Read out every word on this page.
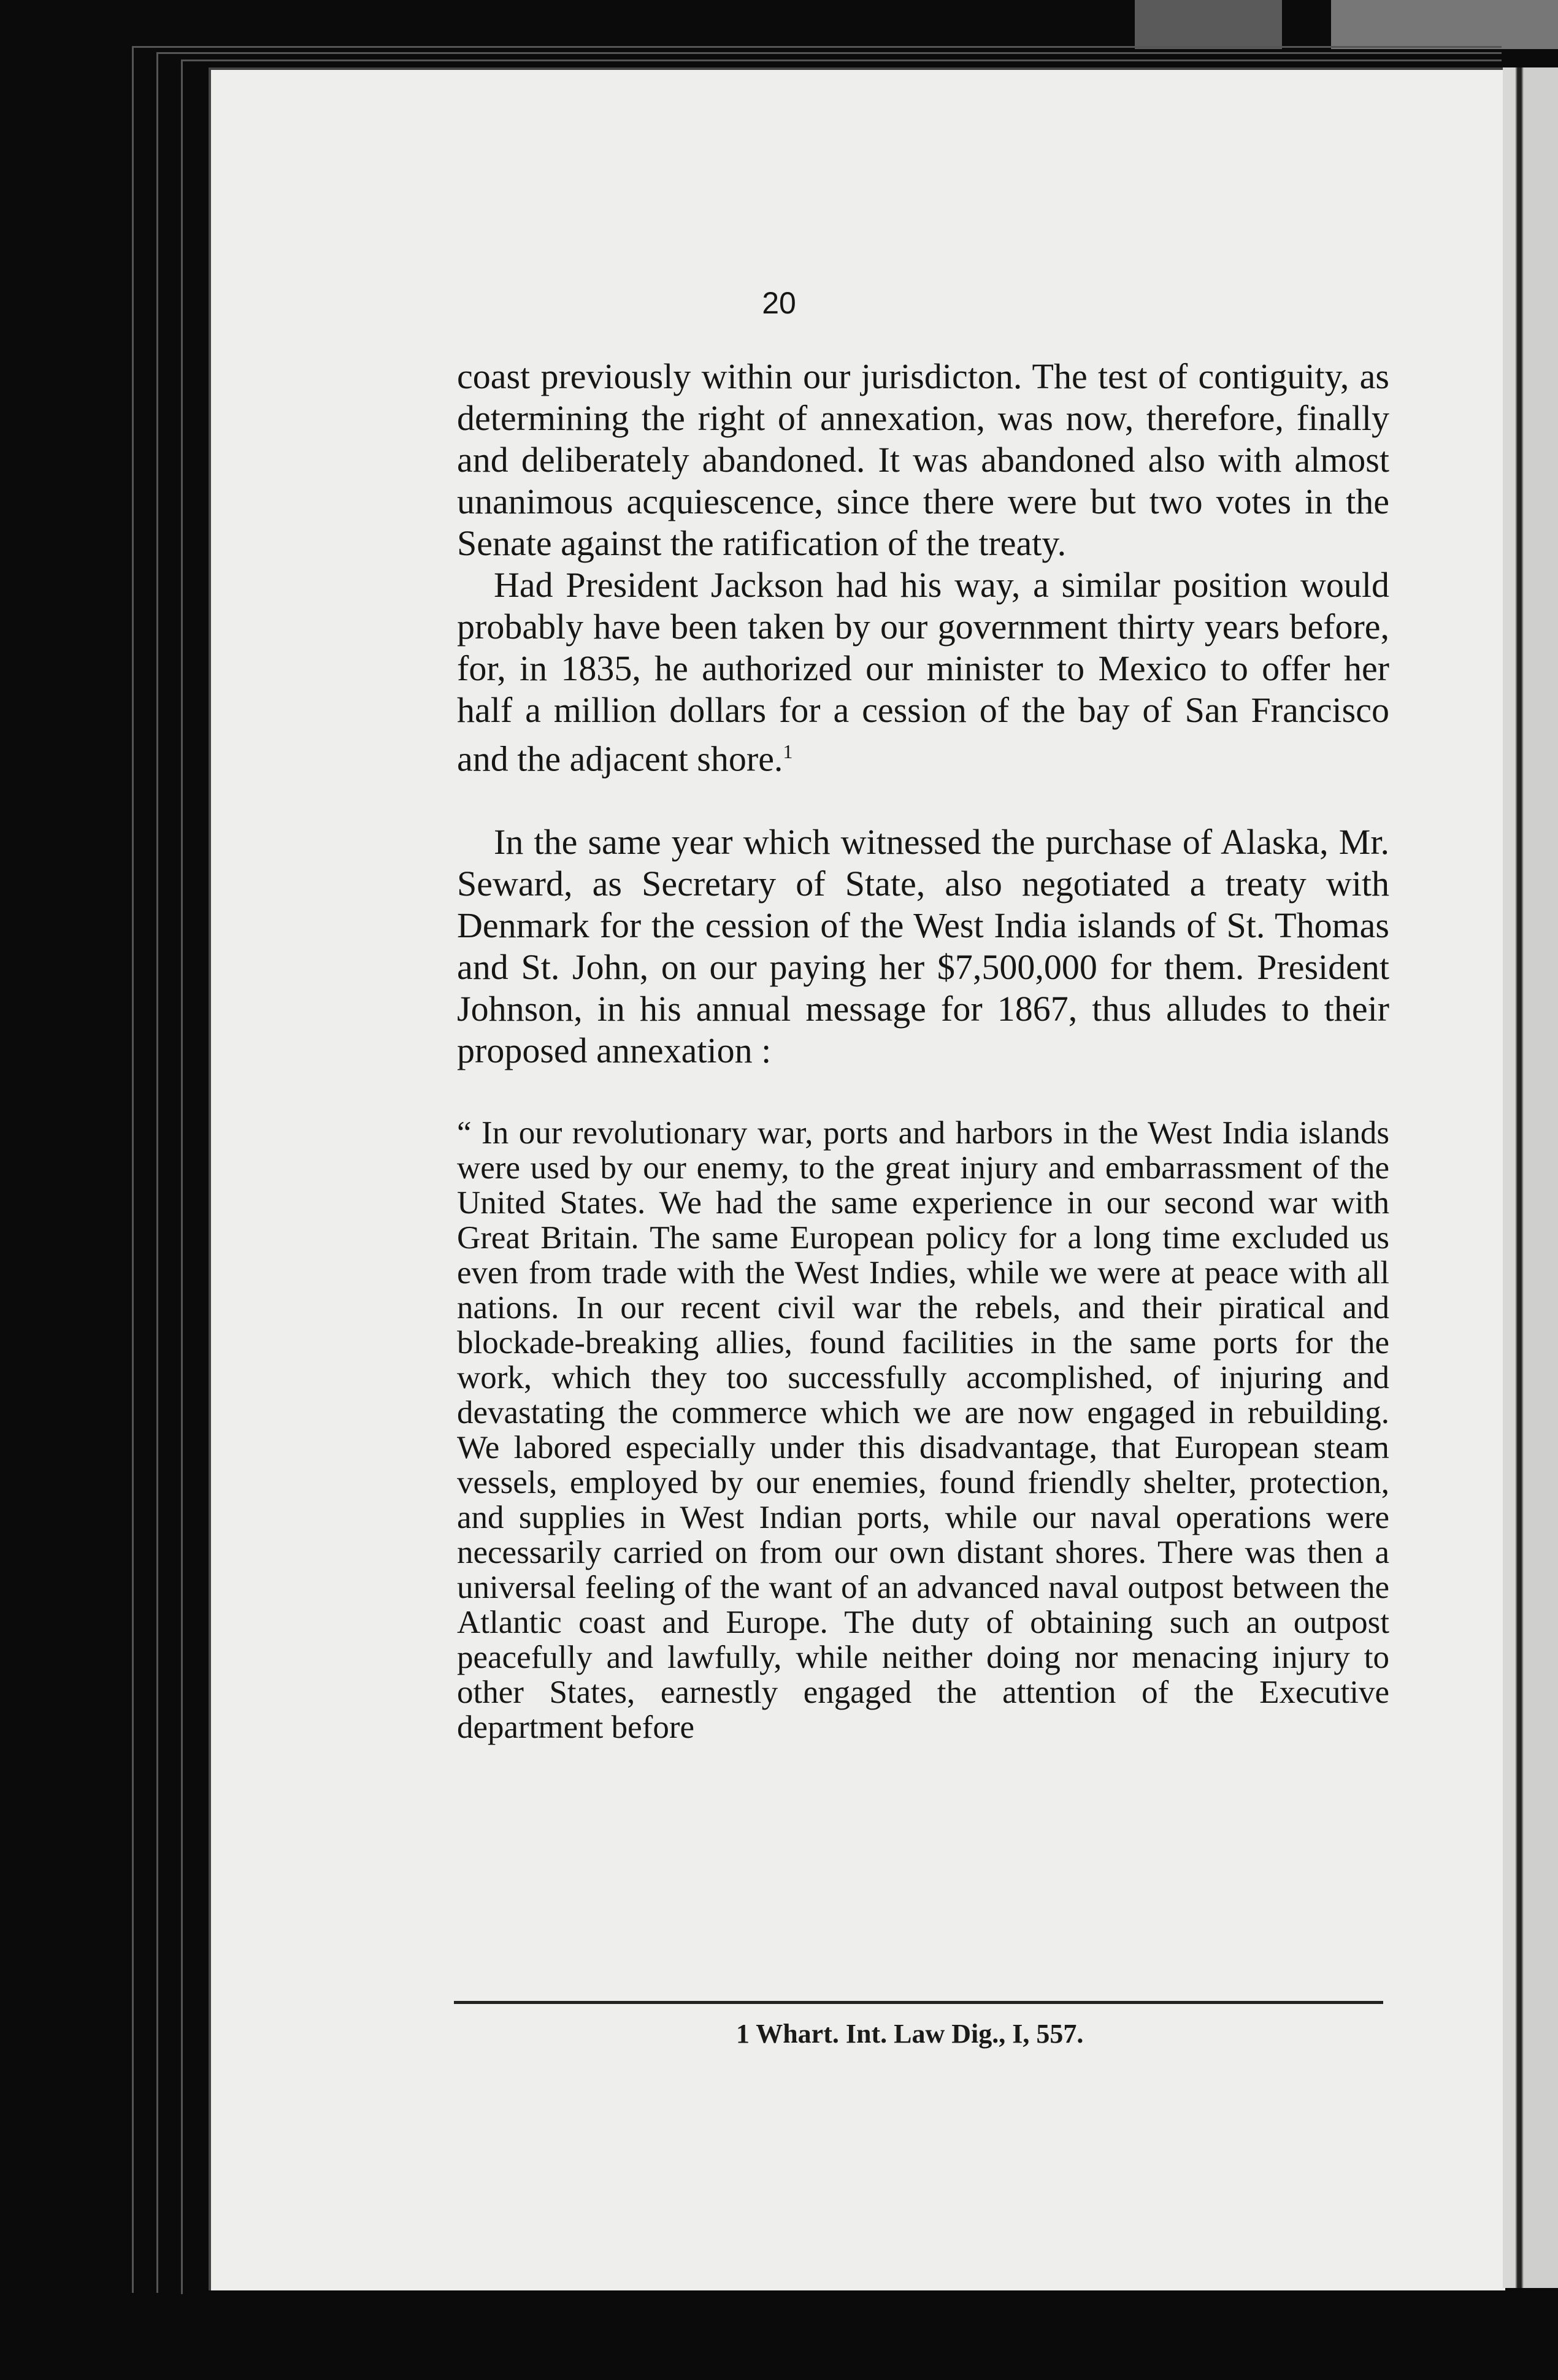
20

coast previously within our jurisdicton. The test of contiguity, as determining the right of annexation, was now, therefore, finally and deliberately abandoned. It was abandoned also with almost unanimous acquiescence, since there were but two votes in the Senate against the ratification of the treaty.

Had President Jackson had his way, a similar position would probably have been taken by our government thirty years before, for, in 1835, he authorized our minister to Mexico to offer her half a million dollars for a cession of the bay of San Francisco and the adjacent shore.$^1$

In the same year which witnessed the purchase of Alaska, Mr. Seward, as Secretary of State, also negotiated a treaty with Denmark for the cession of the West India islands of St. Thomas and St. John, on our paying her $7,500,000 for them. President Johnson, in his annual message for 1867, thus alludes to their proposed annexation :

“ In our revolutionary war, ports and harbors in the West India islands were used by our enemy, to the great injury and embarrassment of the United States. We had the same experience in our second war with Great Britain. The same European policy for a long time excluded us even from trade with the West Indies, while we were at peace with all nations. In our recent civil war the rebels, and their piratical and blockade-breaking allies, found facilities in the same ports for the work, which they too successfully accomplished, of injuring and devastating the commerce which we are now engaged in rebuilding. We labored especially under this disadvantage, that European steam vessels, employed by our enemies, found friendly shelter, protection, and supplies in West Indian ports, while our naval operations were necessarily carried on from our own distant shores. There was then a universal feeling of the want of an advanced naval outpost between the Atlantic coast and Europe. The duty of obtaining such an outpost peacefully and lawfully, while neither doing nor menacing injury to other States, earnestly engaged the attention of the Executive department before

1 Whart. Int. Law Dig., I, 557.
